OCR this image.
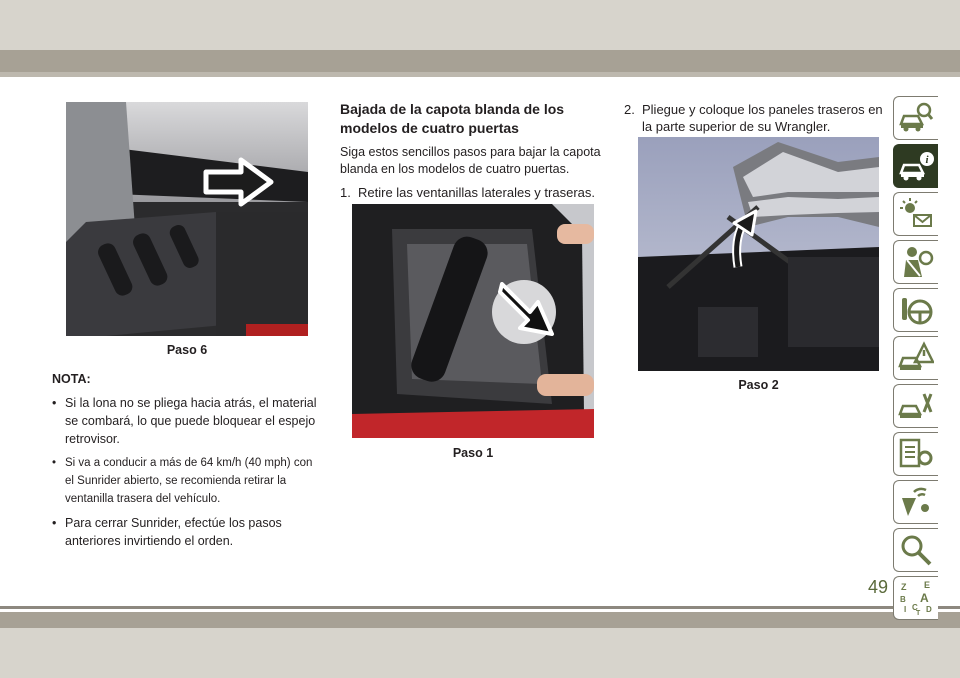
Paso 6
NOTA:
• Si la lona no se pliega hacia atrás, el material se combará, lo que puede bloquear el espejo retrovisor.
• Si va a conducir a más de 64 km/h (40 mph) con el Sunrider abierto, se recomienda retirar la ventanilla trasera del vehículo.
• Para cerrar Sunrider, efectúe los pasos anteriores invirtiendo el orden.
Bajada de la capota blanda de los modelos de cuatro puertas
Siga estos sencillos pasos para bajar la capota blanda en los modelos de cuatro puertas.
1. Retire las ventanillas laterales y traseras.
Paso 1
2. Pliegue y coloque los paneles traseros en la parte superior de su Wrangler.
Paso 2
i
Z E
B A
I C D
T
49
